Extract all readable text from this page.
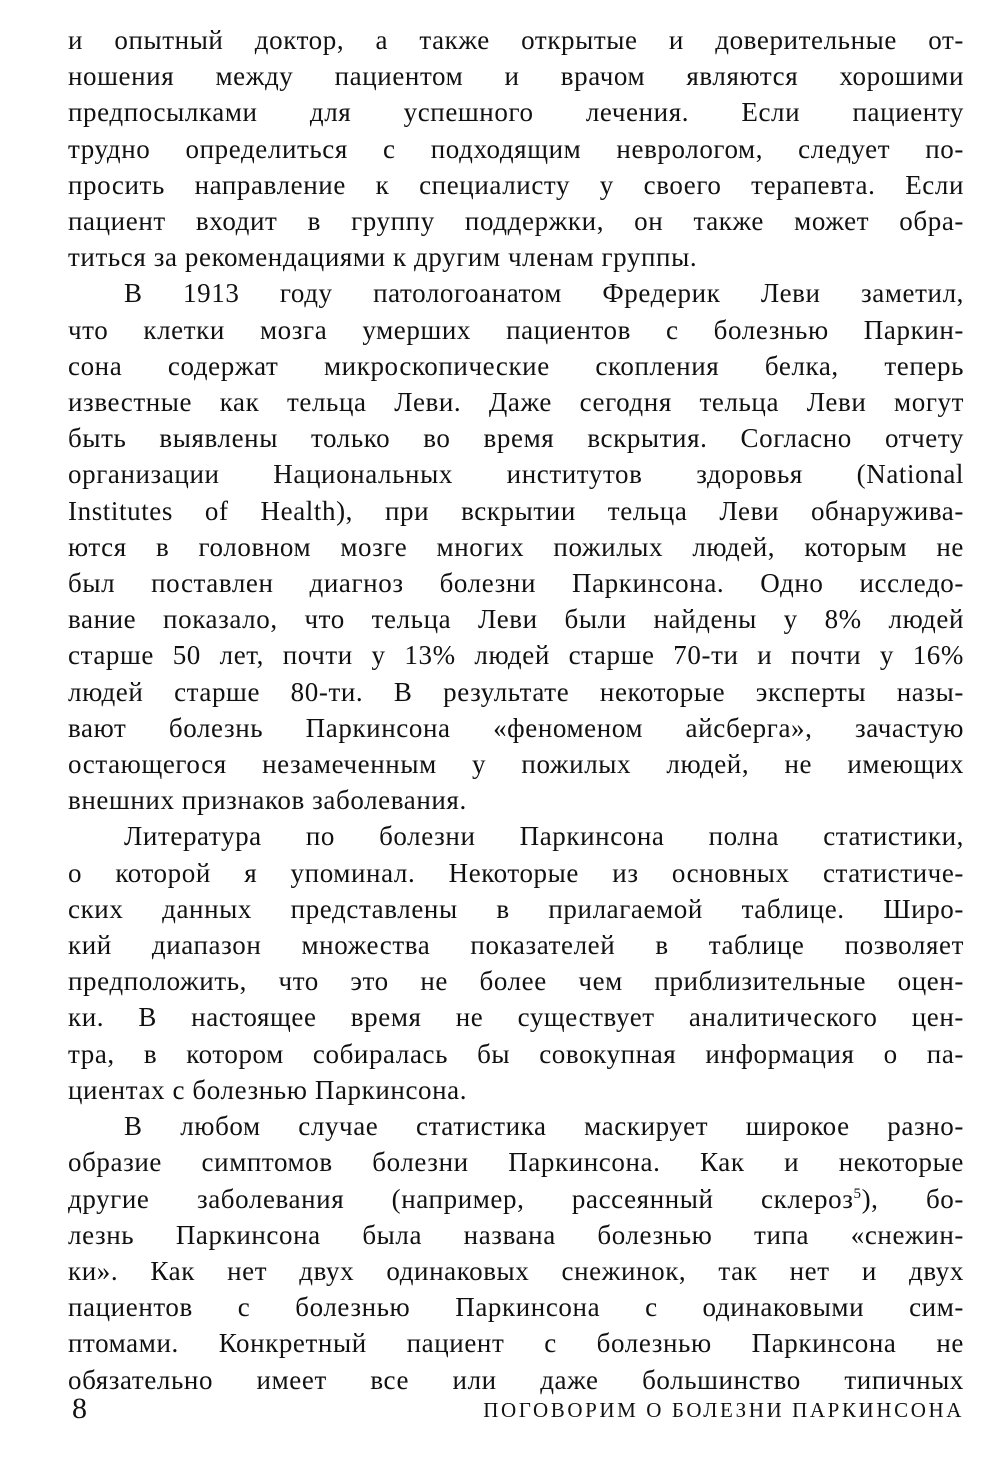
и опытный доктор, а также открытые и доверительные от-
ношения между пациентом и врачом являются хорошими
предпосылками для успешного лечения. Если пациенту
трудно определиться с подходящим неврологом, следует по-
просить направление к специалисту у своего терапевта. Если
пациент входит в группу поддержки, он также может обра-
титься за рекомендациями к другим членам группы.
В 1913 году патологоанатом Фредерик Леви заметил,
что клетки мозга умерших пациентов с болезнью Паркин-
сона содержат микроскопические скопления белка, теперь
известные как тельца Леви. Даже сегодня тельца Леви могут
быть выявлены только во время вскрытия. Согласно отчету
организации Национальных институтов здоровья (National
Institutes of Health), при вскрытии тельца Леви обнаружива-
ются в головном мозге многих пожилых людей, которым не
был поставлен диагноз болезни Паркинсона. Одно исследо-
вание показало, что тельца Леви были найдены у 8% людей
старше 50 лет, почти у 13% людей старше 70-ти и почти у 16%
людей старше 80-ти. В результате некоторые эксперты назы-
вают болезнь Паркинсона «феноменом айсберга», зачастую
остающегося незамеченным у пожилых людей, не имеющих
внешних признаков заболевания.
Литература по болезни Паркинсона полна статистики,
о которой я упоминал. Некоторые из основных статистиче-
ских данных представлены в прилагаемой таблице. Широ-
кий диапазон множества показателей в таблице позволяет
предположить, что это не более чем приблизительные оцен-
ки. В настоящее время не существует аналитического цен-
тра, в котором собиралась бы совокупная информация о па-
циентах с болезнью Паркинсона.
В любом случае статистика маскирует широкое разно-
образие симптомов болезни Паркинсона. Как и некоторые
другие заболевания (например, рассеянный склероз$^5$), бо-
лезнь Паркинсона была названа болезнью типа «снежин-
ки». Как нет двух одинаковых снежинок, так нет и двух
пациентов с болезнью Паркинсона с одинаковыми сим-
птомами. Конкретный пациент с болезнью Паркинсона не
обязательно имеет все или даже большинство типичных
8	ПОГОВОРИМ О БОЛЕЗНИ ПАРКИНСОНА
